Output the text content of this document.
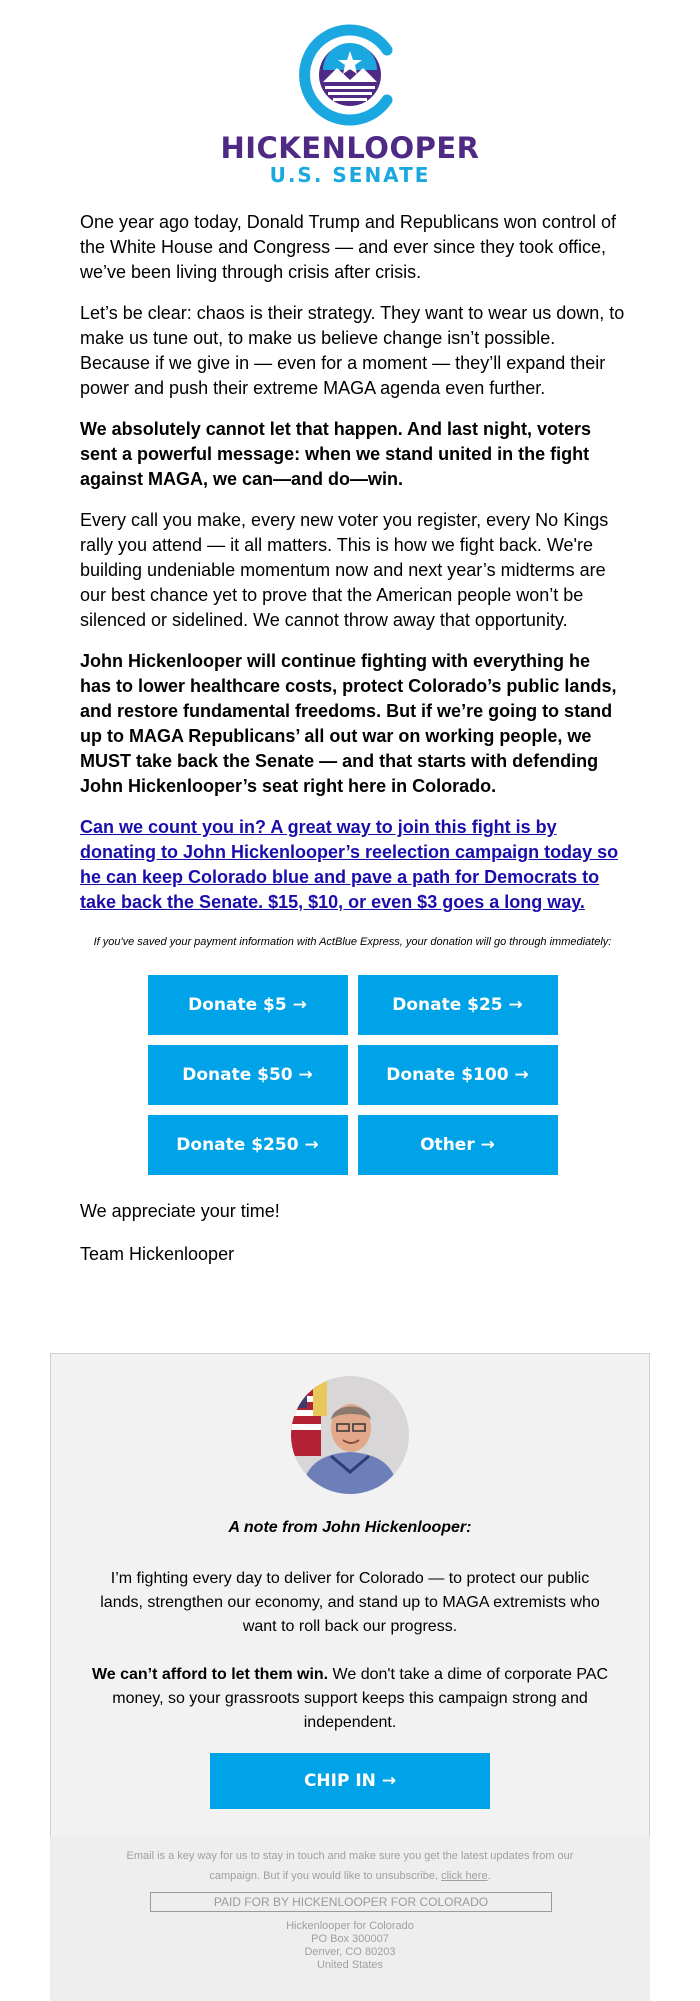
HICKENLOOPER
U.S. SENATE

One year ago today, Donald Trump and Republicans won control of the White House and Congress — and ever since they took office, we’ve been living through crisis after crisis.

Let’s be clear: chaos is their strategy. They want to wear us down, to make us tune out, to make us believe change isn’t possible. Because if we give in — even for a moment — they’ll expand their power and push their extreme MAGA agenda even further.

We absolutely cannot let that happen. And last night, voters sent a powerful message: when we stand united in the fight against MAGA, we can—and do—win.

Every call you make, every new voter you register, every No Kings rally you attend — it all matters. This is how we fight back. We're building undeniable momentum now and next year’s midterms are our best chance yet to prove that the American people won’t be silenced or sidelined. We cannot throw away that opportunity.

John Hickenlooper will continue fighting with everything he has to lower healthcare costs, protect Colorado’s public lands, and restore fundamental freedoms. But if we’re going to stand up to MAGA Republicans’ all out war on working people, we MUST take back the Senate — and that starts with defending John Hickenlooper’s seat right here in Colorado.

Can we count you in? A great way to join this fight is by donating to John Hickenlooper’s reelection campaign today so he can keep Colorado blue and pave a path for Democrats to take back the Senate. $15, $10, or even $3 goes a long way.

If you've saved your payment information with ActBlue Express, your donation will go through immediately:

Donate $5 →	Donate $25 →
Donate $50 →	Donate $100 →
Donate $250 →	Other →

We appreciate your time!

Team Hickenlooper

A note from John Hickenlooper:
I’m fighting every day to deliver for Colorado — to protect our public lands, strengthen our economy, and stand up to MAGA extremists who want to roll back our progress.
We can’t afford to let them win. We don't take a dime of corporate PAC money, so your grassroots support keeps this campaign strong and independent.
CHIP IN →
Email is a key way for us to stay in touch and make sure you get the latest updates from our campaign. But if you would like to unsubscribe, click here.
PAID FOR BY HICKENLOOPER FOR COLORADO
Hickenlooper for Colorado
PO Box 300007
Denver, CO 80203
United States
